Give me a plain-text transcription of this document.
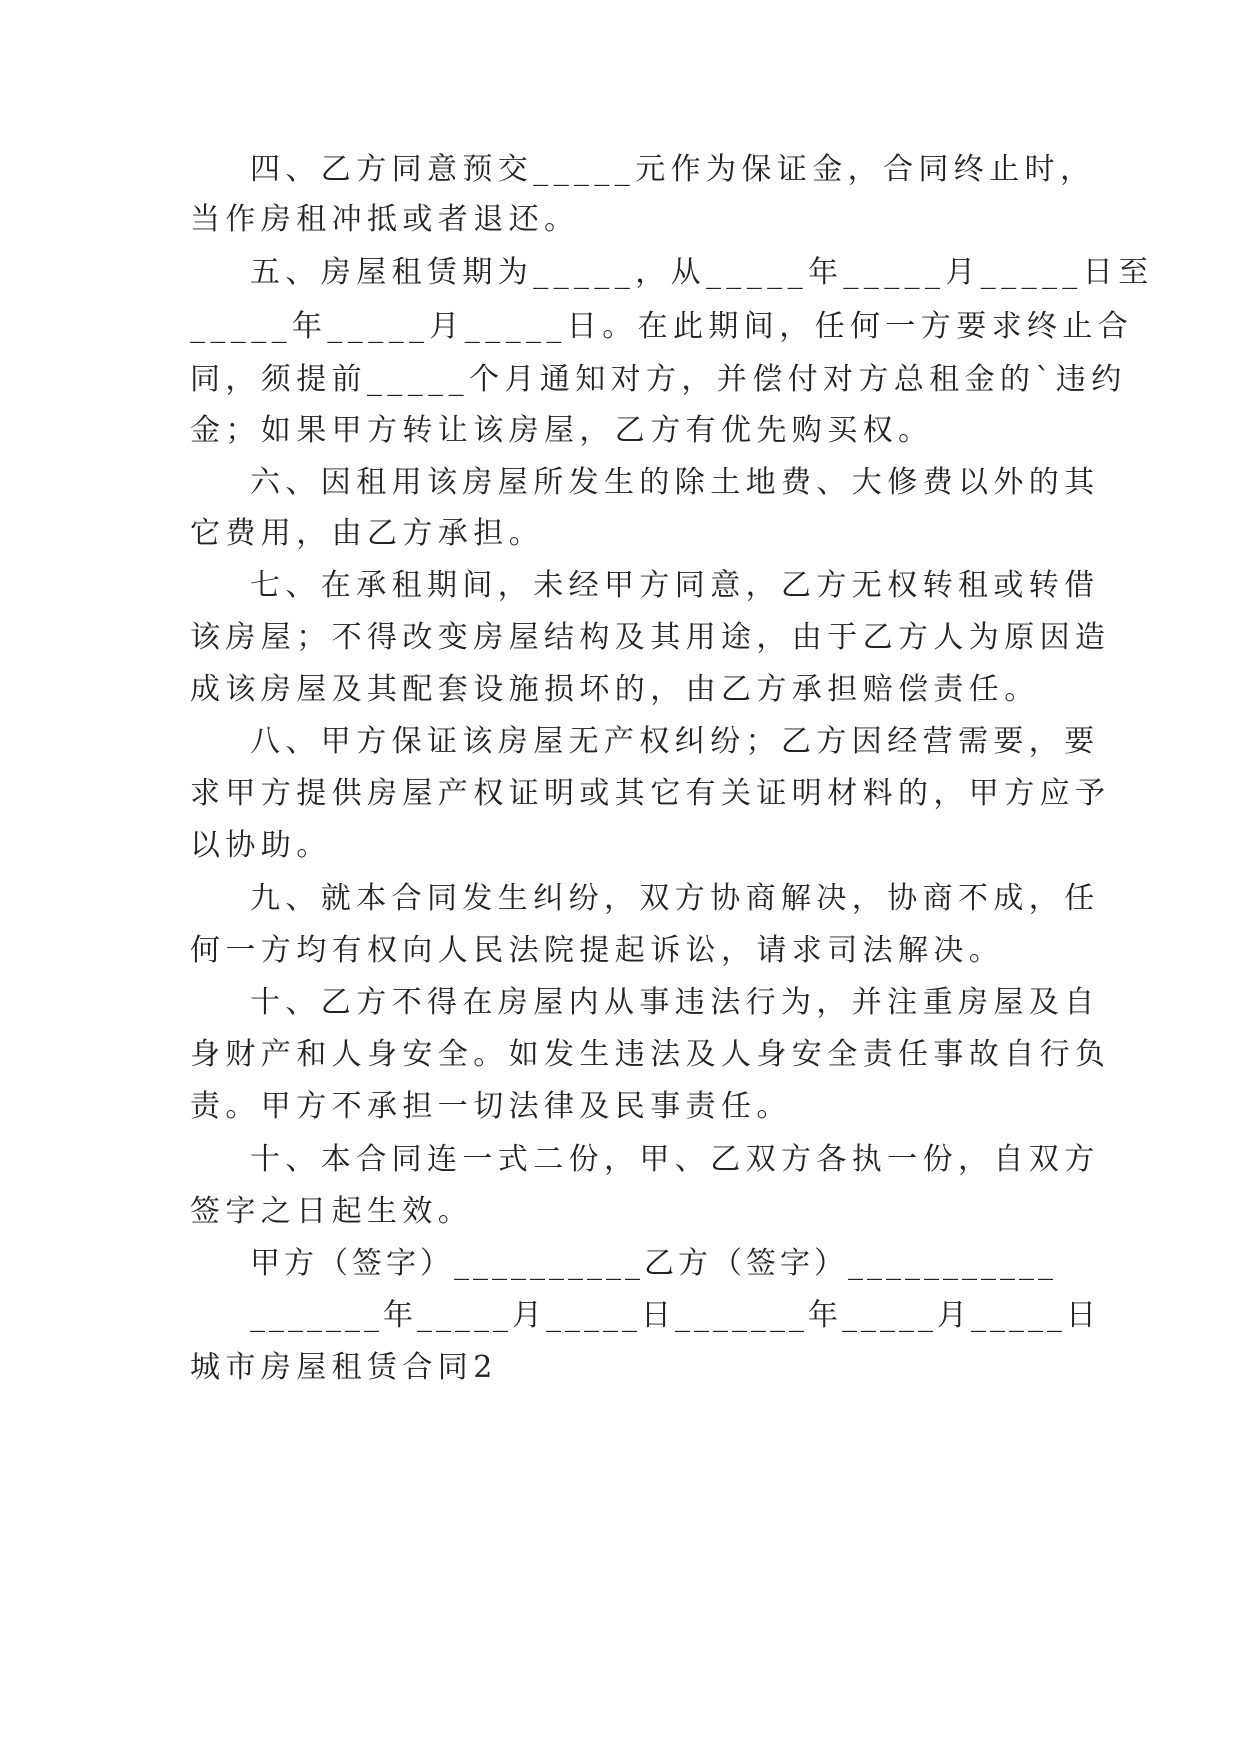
四、乙方同意预交_____元作为保证金，合同终止时，
当作房租冲抵或者退还。
五、房屋租赁期为_____，从_____年_____月_____日至
_____年_____月_____日。在此期间，任何一方要求终止合
同，须提前_____个月通知对方，并偿付对方总租金的`违约
金；如果甲方转让该房屋，乙方有优先购买权。
六、因租用该房屋所发生的除土地费、大修费以外的其
它费用，由乙方承担。
七、在承租期间，未经甲方同意，乙方无权转租或转借
该房屋；不得改变房屋结构及其用途，由于乙方人为原因造
成该房屋及其配套设施损坏的，由乙方承担赔偿责任。
八、甲方保证该房屋无产权纠纷；乙方因经营需要，要
求甲方提供房屋产权证明或其它有关证明材料的，甲方应予
以协助。
九、就本合同发生纠纷，双方协商解决，协商不成，任
何一方均有权向人民法院提起诉讼，请求司法解决。
十、乙方不得在房屋内从事违法行为，并注重房屋及自
身财产和人身安全。如发生违法及人身安全责任事故自行负
责。甲方不承担一切法律及民事责任。
十、本合同连一式二份，甲、乙双方各执一份，自双方
签字之日起生效。
甲方（签字）__________乙方（签字）___________
_______年_____月_____日_______年_____月_____日
城市房屋租赁合同2
